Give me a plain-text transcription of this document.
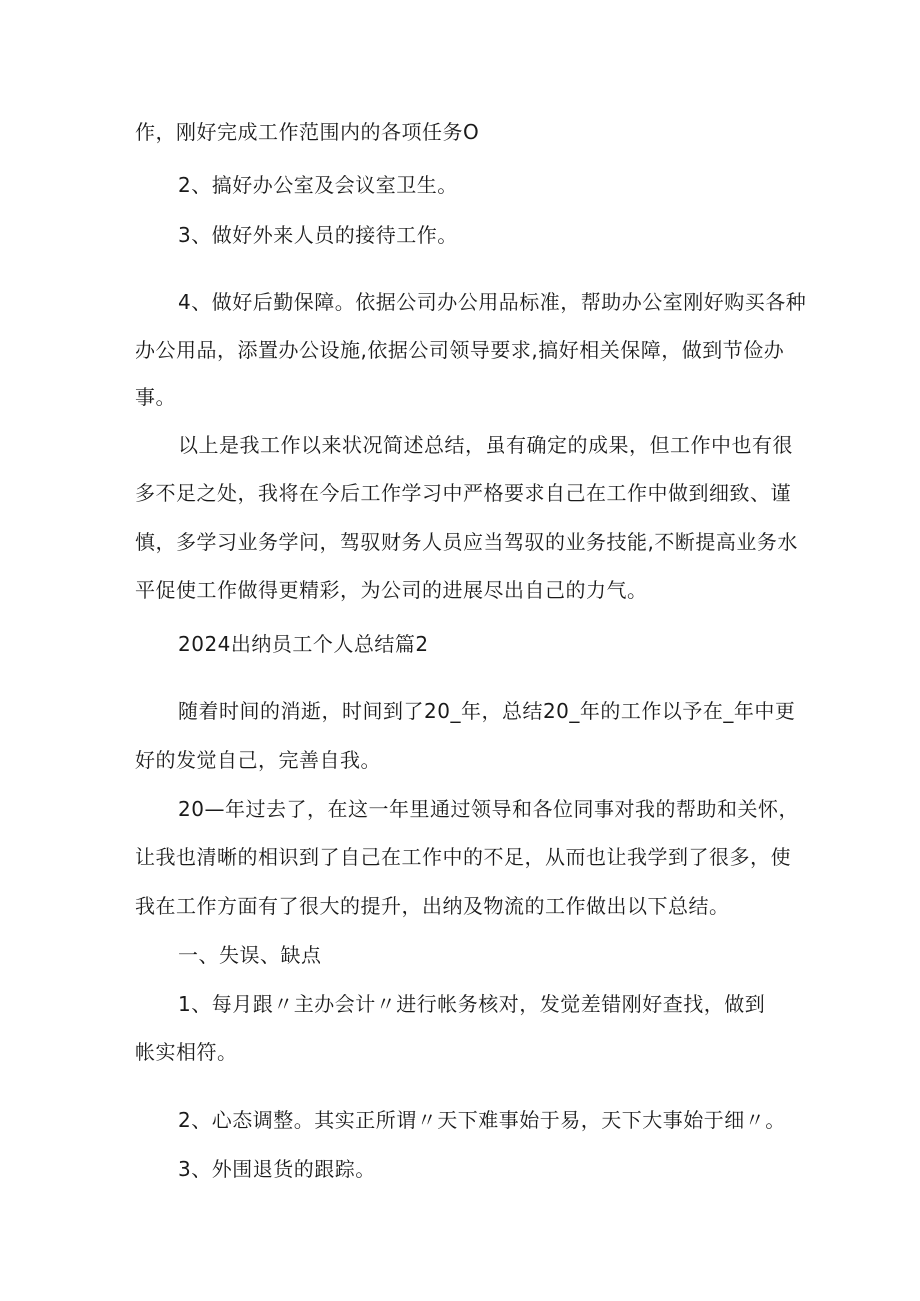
作，刚好完成工作范围内的各项任务O

2、搞好办公室及会议室卫生。

3、做好外来人员的接待工作。

4、做好后勤保障。依据公司办公用品标准，帮助办公室刚好购买各种

办公用品，添置办公设施,依据公司领导要求,搞好相关保障，做到节俭办

事。

以上是我工作以来状况简述总结，虽有确定的成果，但工作中也有很

多不足之处，我将在今后工作学习中严格要求自己在工作中做到细致、谨

慎，多学习业务学问，驾驭财务人员应当驾驭的业务技能,不断提高业务水

平促使工作做得更精彩，为公司的进展尽出自己的力气。

2024出纳员工个人总结篇2

随着时间的消逝，时间到了20_年，总结20_年的工作以予在_年中更

好的发觉自己，完善自我。

20—年过去了，在这一年里通过领导和各位同事对我的帮助和关怀，

让我也清晰的相识到了自己在工作中的不足，从而也让我学到了很多，使

我在工作方面有了很大的提升，出纳及物流的工作做出以下总结。

一、失误、缺点

1、每月跟〃主办会计〃进行帐务核对，发觉差错刚好查找，做到

帐实相符。

2、心态调整。其实正所谓〃天下难事始于易，天下大事始于细〃。

3、外围退货的跟踪。
